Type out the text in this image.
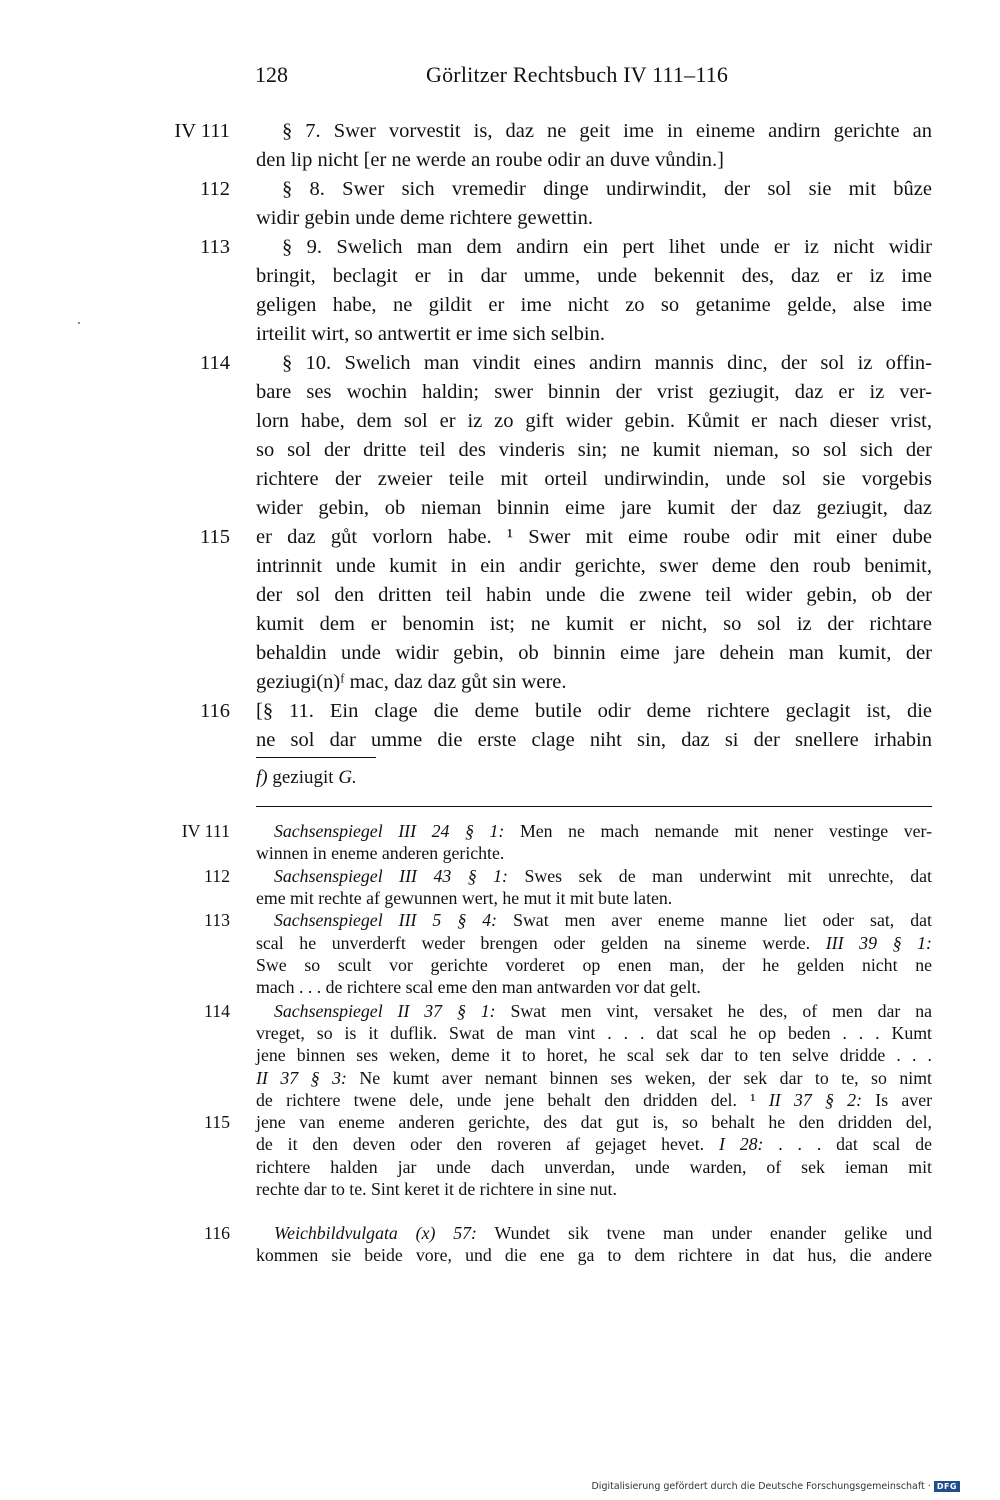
128	Görlitzer Rechtsbuch IV 111–116
IV 111
112
113
114
115
116
§ 7. Swer vorvestit is, daz ne geit ime in eineme andirn gerichte an
den lip nicht [er ne werde an roube odir an duve vůndin.]
§ 8. Swer sich vremedir dinge undirwindit, der sol sie mit bûze
widir gebin unde deme richtere gewettin.
§ 9. Swelich man dem andirn ein pert lihet unde er iz nicht widir
bringit, beclagit er in dar umme, unde bekennit des, daz er iz ime
geligen habe, ne gildit er ime nicht zo so getanime gelde, alse ime
irteilit wirt, so antwertit er ime sich selbin.
§ 10. Swelich man vindit eines andirn mannis dinc, der sol iz offin-
bare ses wochin haldin; swer binnin der vrist geziugit, daz er iz ver-
lorn habe, dem sol er iz zo gift wider gebin. Kůmit er nach dieser vrist,
so sol der dritte teil des vinderis sin; ne kumit nieman, so sol sich der
richtere der zweier teile mit orteil undirwindin, unde sol sie vorgebis
wider gebin, ob nieman binnin eime jare kumit der daz geziugit, daz
er daz gůt vorlorn habe. ¹ Swer mit eime roube odir mit einer dube
intrinnit unde kumit in ein andir gerichte, swer deme den roub benimit,
der sol den dritten teil habin unde die zwene teil wider gebin, ob der
kumit dem er benomin ist; ne kumit er nicht, so sol iz der richtare
behaldin unde widir gebin, ob binnin eime jare dehein man kumit, der
geziugi(n)ᶠ mac, daz daz gůt sin were.
[§ 11. Ein clage die deme butile odir deme richtere geclagit ist, die
ne sol dar umme die erste clage niht sin, daz si der snellere irhabin
f) geziugit G.
IV 111
112
113
114
115
116
Sachsenspiegel III 24 § 1: Men ne mach nemande mit nener vestinge ver-
winnen in eneme anderen gerichte.
Sachsenspiegel III 43 § 1: Swes sek de man underwint mit unrechte, dat
eme mit rechte af gewunnen wert, he mut it mit bute laten.
Sachsenspiegel III 5 § 4: Swat men aver eneme manne liet oder sat, dat
scal he unverderft weder brengen oder gelden na sineme werde. III 39 § 1:
Swe so scult vor gerichte vorderet op enen man, der he gelden nicht ne
mach . . . de richtere scal eme den man antwarden vor dat gelt.
Sachsenspiegel II 37 § 1: Swat men vint, versaket he des, of men dar na
vreget, so is it duflik. Swat de man vint . . . dat scal he op beden . . . Kumt
jene binnen ses weken, deme it to horet, he scal sek dar to ten selve dridde . . .
II 37 § 3: Ne kumt aver nemant binnen ses weken, der sek dar to te, so nimt
de richtere twene dele, unde jene behalt den dridden del. ¹ II 37 § 2: Is aver
jene van eneme anderen gerichte, des dat gut is, so behalt he den dridden del,
de it den deven oder den roveren af gejaget hevet. I 28: . . . dat scal de
richtere halden jar unde dach unverdan, unde warden, of sek ieman mit
rechte dar to te. Sint keret it de richtere in sine nut.
Weichbildvulgata (x) 57: Wundet sik tvene man under enander gelike und
kommen sie beide vore, und die ene ga to dem richtere in dat hus, die andere
Digitalisierung gefördert durch die Deutsche Forschungsgemeinschaft · DFG
